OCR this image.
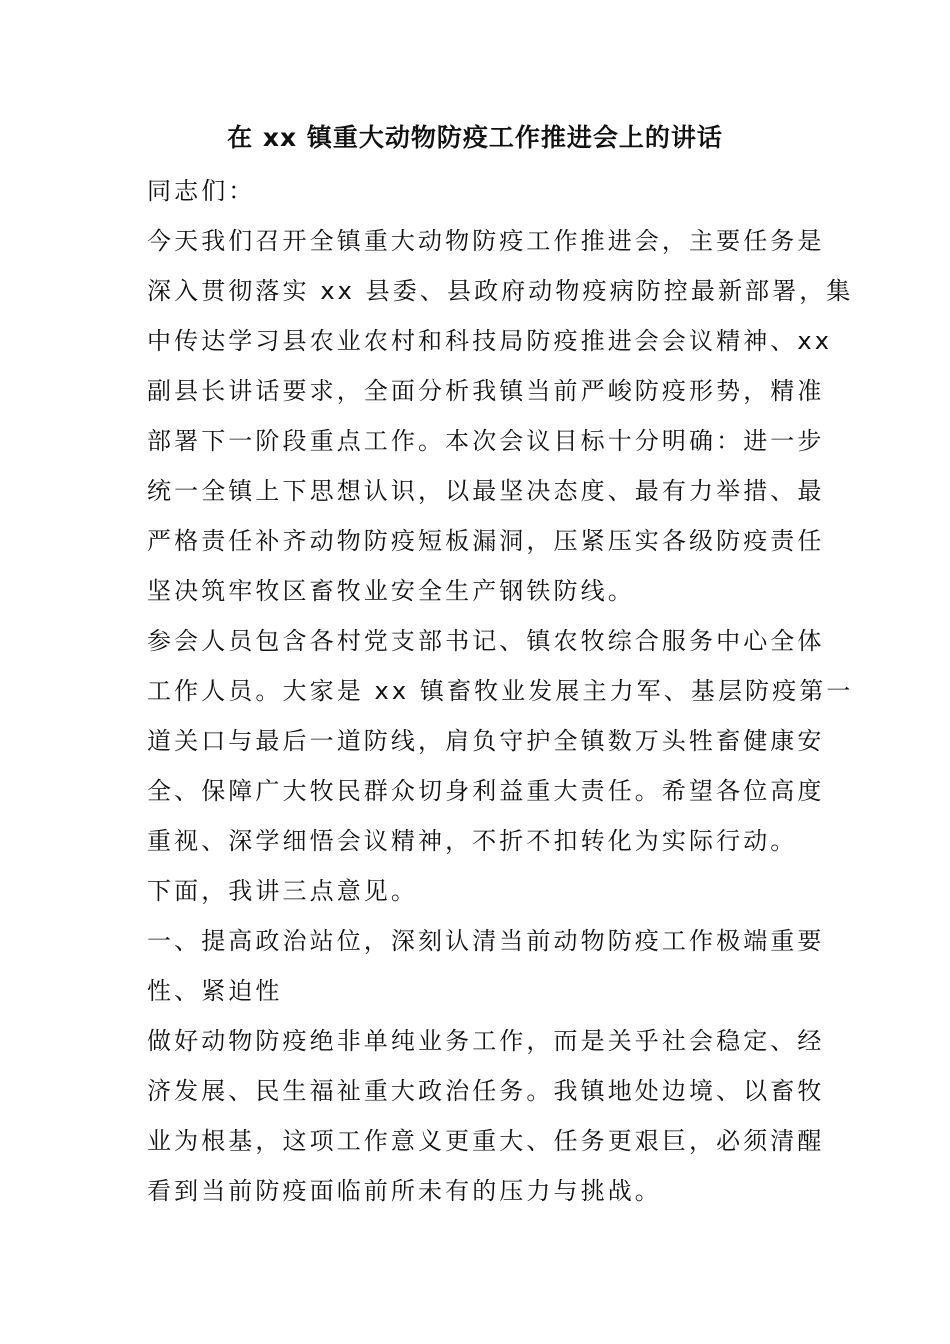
在 xx 镇重大动物防疫工作推进会上的讲话
同志们：
今天我们召开全镇重大动物防疫工作推进会，主要任务是
深入贯彻落实 xx 县委、县政府动物疫病防控最新部署，集
中传达学习县农业农村和科技局防疫推进会会议精神、xx
副县长讲话要求，全面分析我镇当前严峻防疫形势，精准
部署下一阶段重点工作。本次会议目标十分明确：进一步
统一全镇上下思想认识，以最坚决态度、最有力举措、最
严格责任补齐动物防疫短板漏洞，压紧压实各级防疫责任
坚决筑牢牧区畜牧业安全生产钢铁防线。
参会人员包含各村党支部书记、镇农牧综合服务中心全体
工作人员。大家是 xx 镇畜牧业发展主力军、基层防疫第一
道关口与最后一道防线，肩负守护全镇数万头牲畜健康安
全、保障广大牧民群众切身利益重大责任。希望各位高度
重视、深学细悟会议精神，不折不扣转化为实际行动。
下面，我讲三点意见。
一、提高政治站位，深刻认清当前动物防疫工作极端重要
性、紧迫性
做好动物防疫绝非单纯业务工作，而是关乎社会稳定、经
济发展、民生福祉重大政治任务。我镇地处边境、以畜牧
业为根基，这项工作意义更重大、任务更艰巨，必须清醒
看到当前防疫面临前所未有的压力与挑战。
